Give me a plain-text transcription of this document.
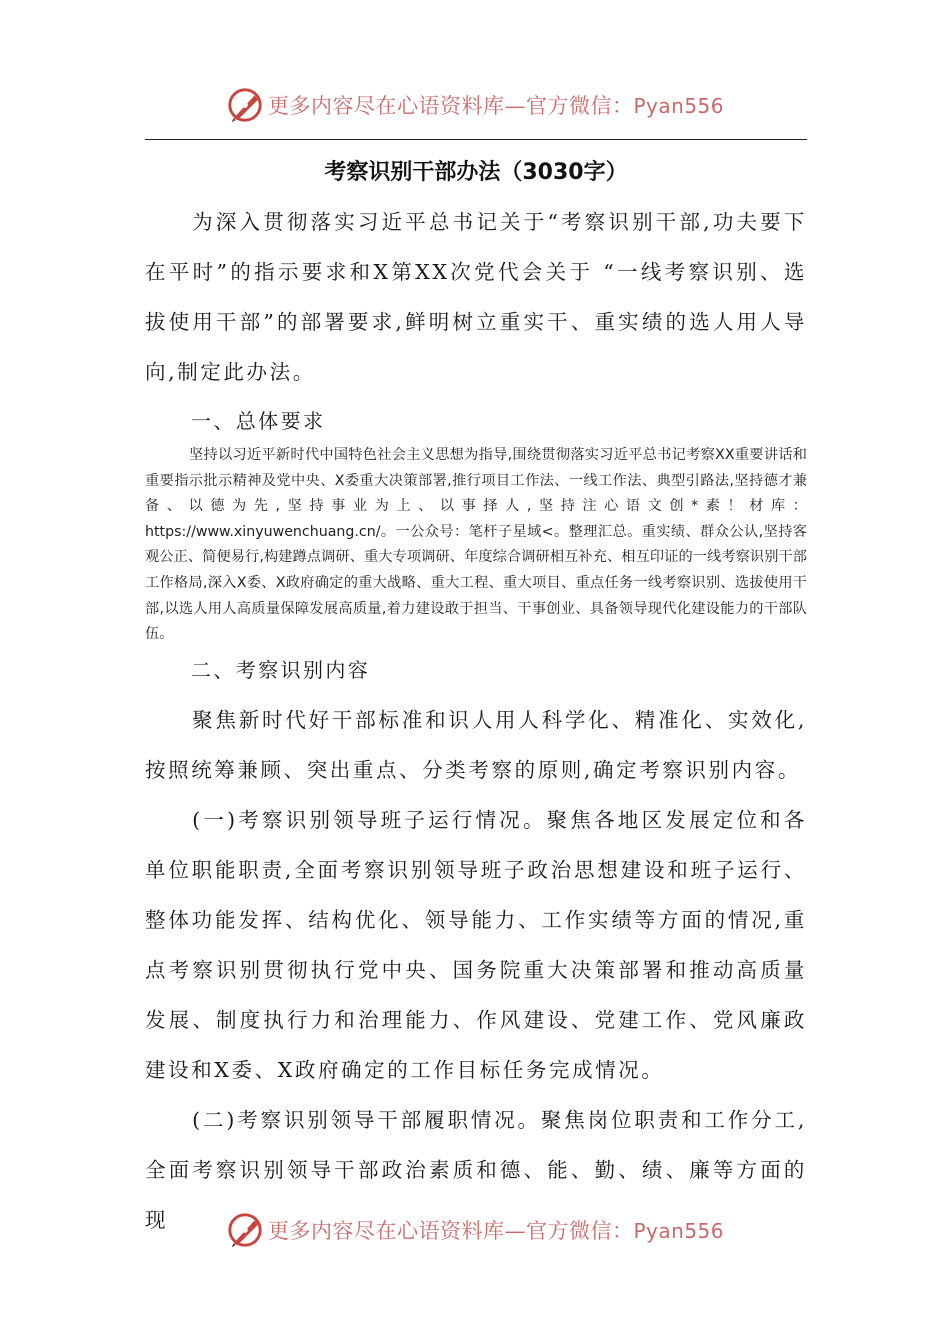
更多内容尽在心语资料库—官方微信：Pyan556
考察识别干部办法（3030字）

为深入贯彻落实习近平总书记关于“考察识别干部,功夫要下在平时”的指示要求和X第XX次党代会关于 “一线考察识别、选拔使用干部”的部署要求,鲜明树立重实干、重实绩的选人用人导向,制定此办法。

一、总体要求

坚持以习近平新时代中国特色社会主义思想为指导,围绕贯彻落实习近平总书记考察XX重要讲话和重要指示批示精神及党中央、X委重大决策部署,推行项目工作法、一线工作法、典型引路法,坚持德才兼备、以德为先,坚持事业为上、以事择人,坚持注心语文创*素！材库：https://www.xinyuwenchuang.cn/。一公众号：笔杆子星域<。整理汇总。重实绩、群众公认,坚持客观公正、简便易行,构建蹲点调研、重大专项调研、年度综合调研相互补充、相互印证的一线考察识别干部工作格局,深入X委、X政府确定的重大战略、重大工程、重大项目、重点任务一线考察识别、选拔使用干部,以选人用人高质量保障发展高质量,着力建设敢于担当、干事创业、具备领导现代化建设能力的干部队伍。

二、考察识别内容

聚焦新时代好干部标准和识人用人科学化、精准化、实效化,按照统筹兼顾、突出重点、分类考察的原则,确定考察识别内容。

(一)考察识别领导班子运行情况。聚焦各地区发展定位和各单位职能职责,全面考察识别领导班子政治思想建设和班子运行、整体功能发挥、结构优化、领导能力、工作实绩等方面的情况,重点考察识别贯彻执行党中央、国务院重大决策部署和推动高质量发展、制度执行力和治理能力、作风建设、党建工作、党风廉政建设和X委、X政府确定的工作目标任务完成情况。

(二)考察识别领导干部履职情况。聚焦岗位职责和工作分工,全面考察识别领导干部政治素质和德、能、勤、绩、廉等方面的现	更多内容尽在心语资料库—官方微信：Pyan556
